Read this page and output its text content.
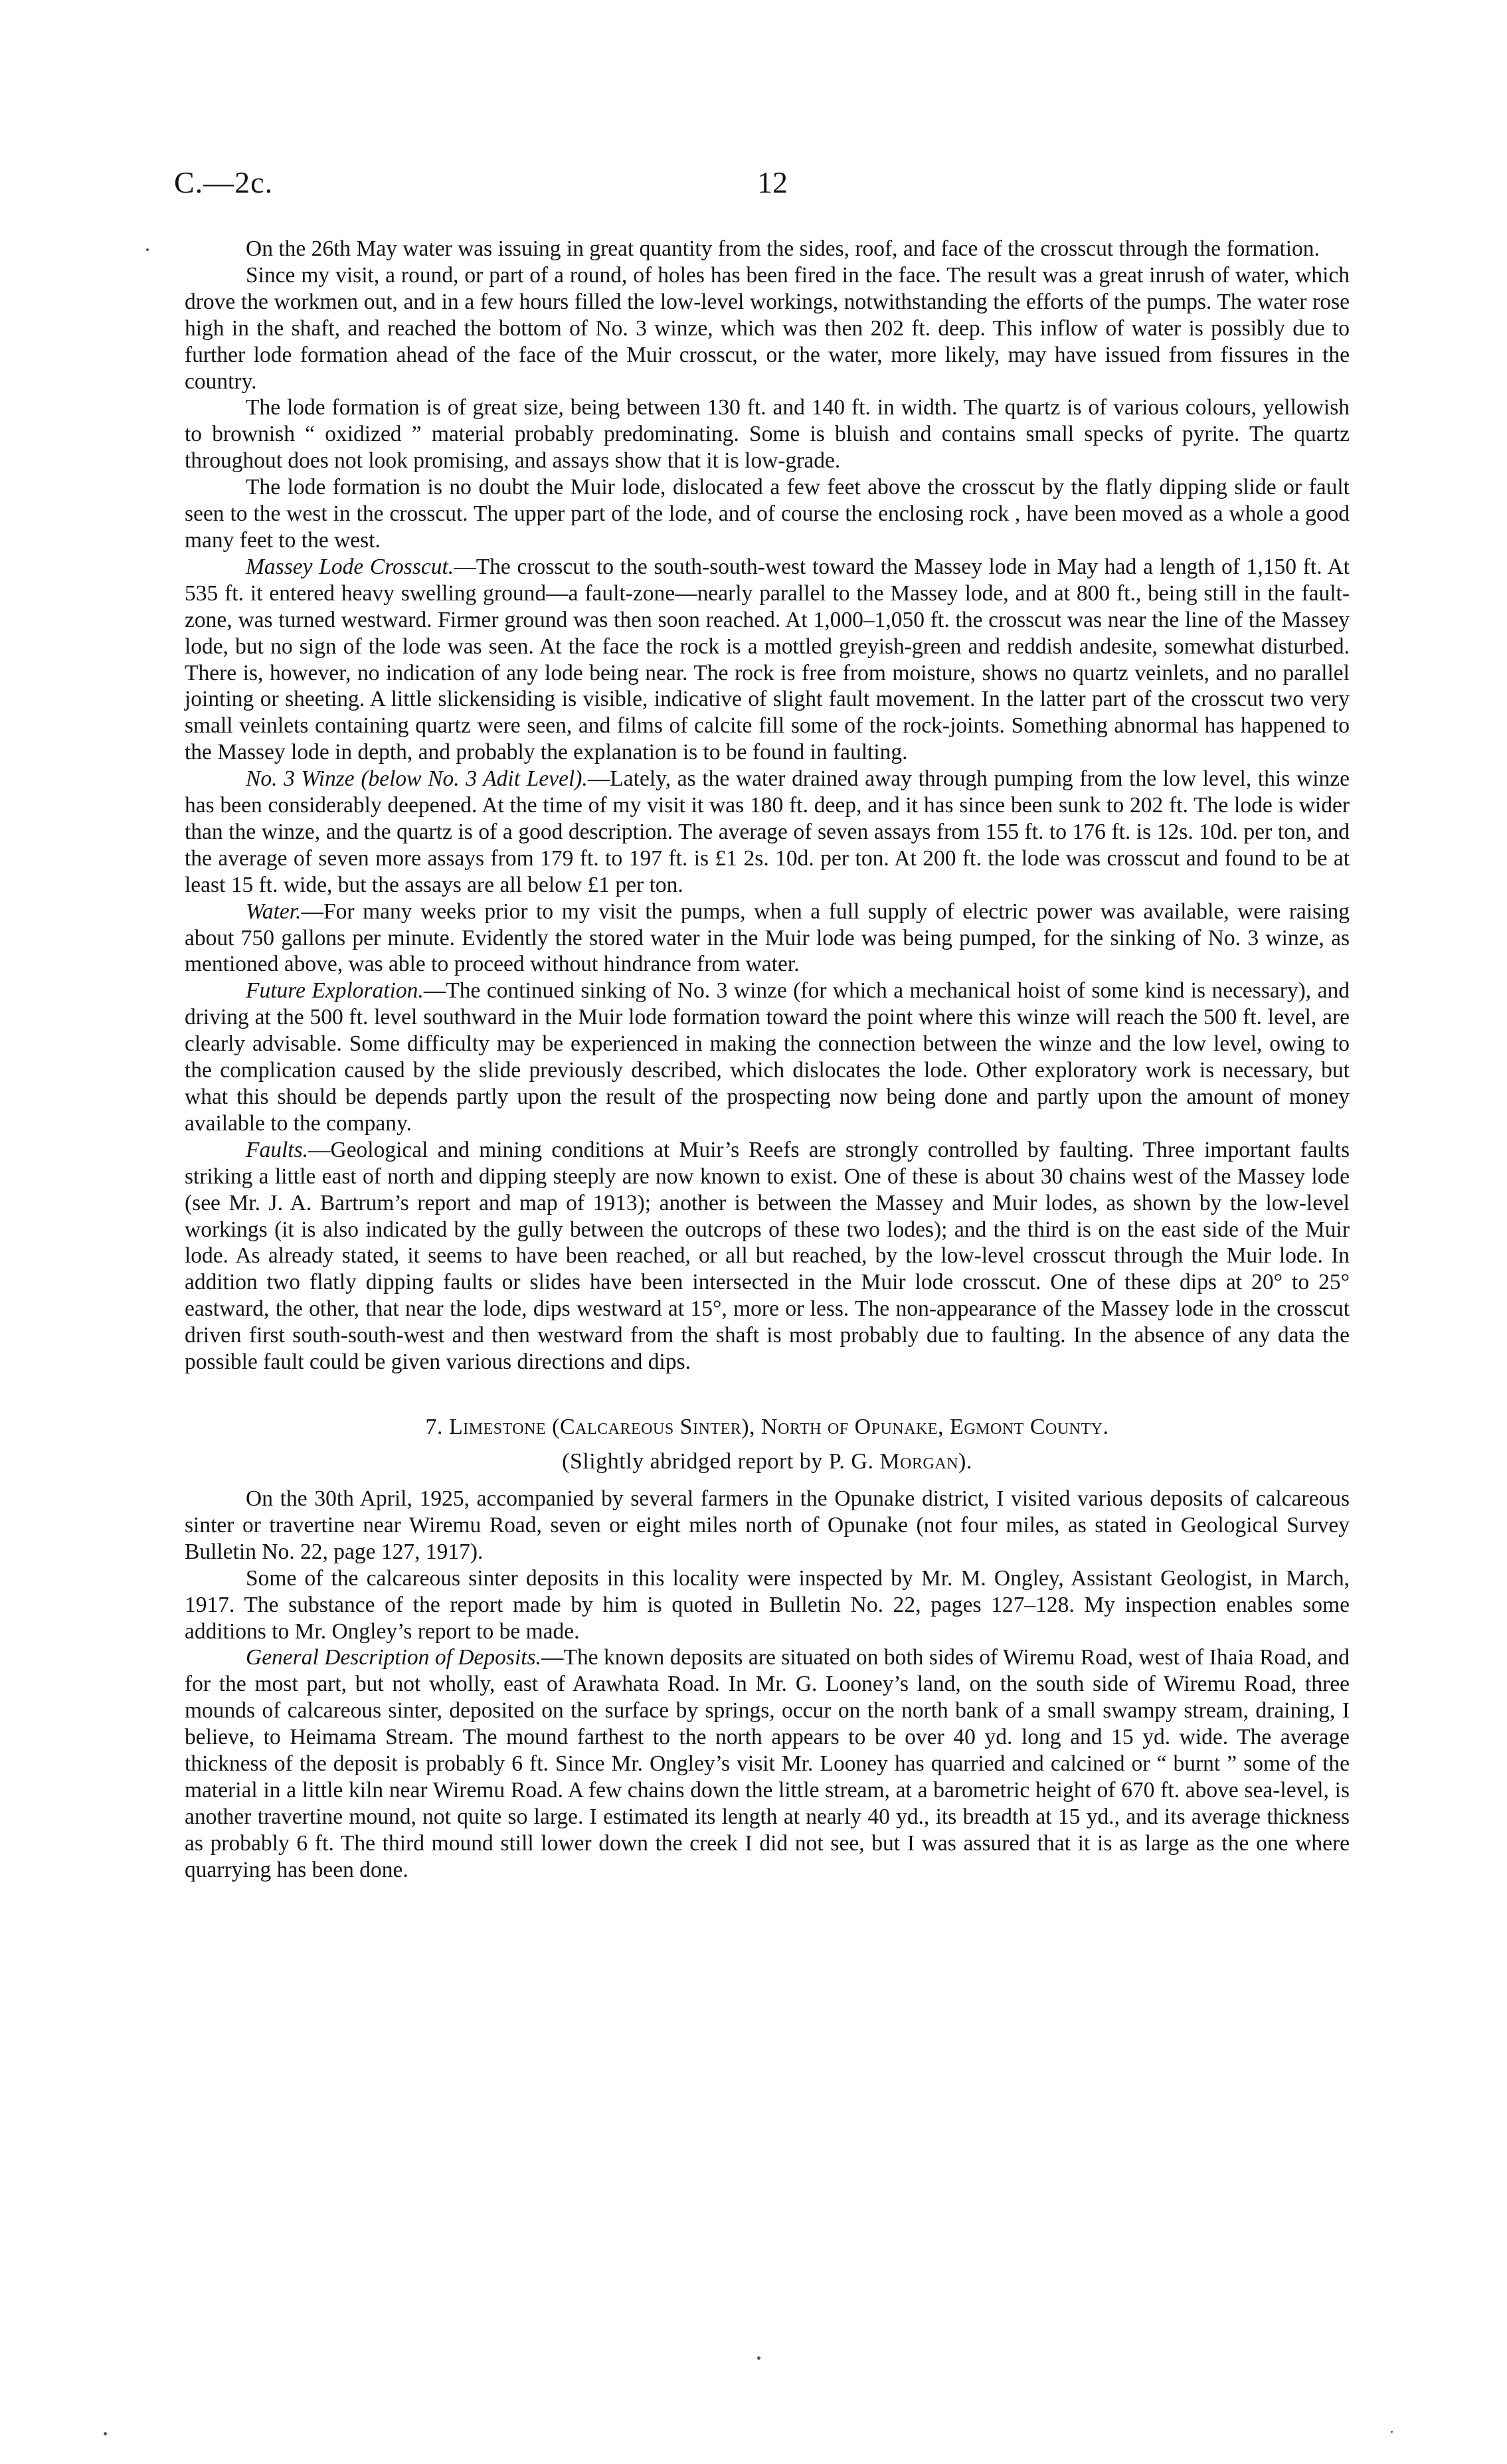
C.—2c.	12

On the 26th May water was issuing in great quantity from the sides, roof, and face of the crosscut through the formation.

Since my visit, a round, or part of a round, of holes has been fired in the face. The result was a great inrush of water, which drove the workmen out, and in a few hours filled the low-level workings, notwithstanding the efforts of the pumps. The water rose high in the shaft, and reached the bottom of No. 3 winze, which was then 202 ft. deep. This inflow of water is possibly due to further lode formation ahead of the face of the Muir crosscut, or the water, more likely, may have issued from fissures in the country.

The lode formation is of great size, being between 130 ft. and 140 ft. in width. The quartz is of various colours, yellowish to brownish “ oxidized ” material probably predominating. Some is bluish and contains small specks of pyrite. The quartz throughout does not look promising, and assays show that it is low-grade.

The lode formation is no doubt the Muir lode, dislocated a few feet above the crosscut by the flatly dipping slide or fault seen to the west in the crosscut. The upper part of the lode, and of course the enclosing rock , have been moved as a whole a good many feet to the west.

Massey Lode Crosscut.—The crosscut to the south-south-west toward the Massey lode in May had a length of 1,150 ft. At 535 ft. it entered heavy swelling ground—a fault-zone—nearly parallel to the Massey lode, and at 800 ft., being still in the fault-zone, was turned westward. Firmer ground was then soon reached. At 1,000–1,050 ft. the crosscut was near the line of the Massey lode, but no sign of the lode was seen. At the face the rock is a mottled greyish-green and reddish andesite, somewhat disturbed. There is, however, no indication of any lode being near. The rock is free from moisture, shows no quartz veinlets, and no parallel jointing or sheeting. A little slickensiding is visible, indicative of slight fault movement. In the latter part of the crosscut two very small veinlets containing quartz were seen, and films of calcite fill some of the rock-joints. Something abnormal has happened to the Massey lode in depth, and probably the explanation is to be found in faulting.

No. 3 Winze (below No. 3 Adit Level).—Lately, as the water drained away through pumping from the low level, this winze has been considerably deepened. At the time of my visit it was 180 ft. deep, and it has since been sunk to 202 ft. The lode is wider than the winze, and the quartz is of a good description. The average of seven assays from 155 ft. to 176 ft. is 12s. 10d. per ton, and the average of seven more assays from 179 ft. to 197 ft. is £1 2s. 10d. per ton. At 200 ft. the lode was crosscut and found to be at least 15 ft. wide, but the assays are all below £1 per ton.

Water.—For many weeks prior to my visit the pumps, when a full supply of electric power was available, were raising about 750 gallons per minute. Evidently the stored water in the Muir lode was being pumped, for the sinking of No. 3 winze, as mentioned above, was able to proceed without hindrance from water.

Future Exploration.—The continued sinking of No. 3 winze (for which a mechanical hoist of some kind is necessary), and driving at the 500 ft. level southward in the Muir lode formation toward the point where this winze will reach the 500 ft. level, are clearly advisable. Some difficulty may be experienced in making the connection between the winze and the low level, owing to the complication caused by the slide previously described, which dislocates the lode. Other exploratory work is necessary, but what this should be depends partly upon the result of the prospecting now being done and partly upon the amount of money available to the company.

Faults.—Geological and mining conditions at Muir’s Reefs are strongly controlled by faulting. Three important faults striking a little east of north and dipping steeply are now known to exist. One of these is about 30 chains west of the Massey lode (see Mr. J. A. Bartrum’s report and map of 1913); another is between the Massey and Muir lodes, as shown by the low-level workings (it is also indicated by the gully between the outcrops of these two lodes); and the third is on the east side of the Muir lode. As already stated, it seems to have been reached, or all but reached, by the low-level crosscut through the Muir lode. In addition two flatly dipping faults or slides have been intersected in the Muir lode crosscut. One of these dips at 20° to 25° eastward, the other, that near the lode, dips westward at 15°, more or less. The non-appearance of the Massey lode in the crosscut driven first south-south-west and then westward from the shaft is most probably due to faulting. In the absence of any data the possible fault could be given various directions and dips.

7. Limestone (Calcareous Sinter), North of Opunake, Egmont County.

(Slightly abridged report by P. G. Morgan).

On the 30th April, 1925, accompanied by several farmers in the Opunake district, I visited various deposits of calcareous sinter or travertine near Wiremu Road, seven or eight miles north of Opunake (not four miles, as stated in Geological Survey Bulletin No. 22, page 127, 1917).

Some of the calcareous sinter deposits in this locality were inspected by Mr. M. Ongley, Assistant Geologist, in March, 1917. The substance of the report made by him is quoted in Bulletin No. 22, pages 127–128. My inspection enables some additions to Mr. Ongley’s report to be made.

General Description of Deposits.—The known deposits are situated on both sides of Wiremu Road, west of Ihaia Road, and for the most part, but not wholly, east of Arawhata Road. In Mr. G. Looney’s land, on the south side of Wiremu Road, three mounds of calcareous sinter, deposited on the surface by springs, occur on the north bank of a small swampy stream, draining, I believe, to Heimama Stream. The mound farthest to the north appears to be over 40 yd. long and 15 yd. wide. The average thickness of the deposit is probably 6 ft. Since Mr. Ongley’s visit Mr. Looney has quarried and calcined or “ burnt ” some of the material in a little kiln near Wiremu Road. A few chains down the little stream, at a barometric height of 670 ft. above sea-level, is another travertine mound, not quite so large. I estimated its length at nearly 40 yd., its breadth at 15 yd., and its average thickness as probably 6 ft. The third mound still lower down the creek I did not see, but I was assured that it is as large as the one where quarrying has been done.
